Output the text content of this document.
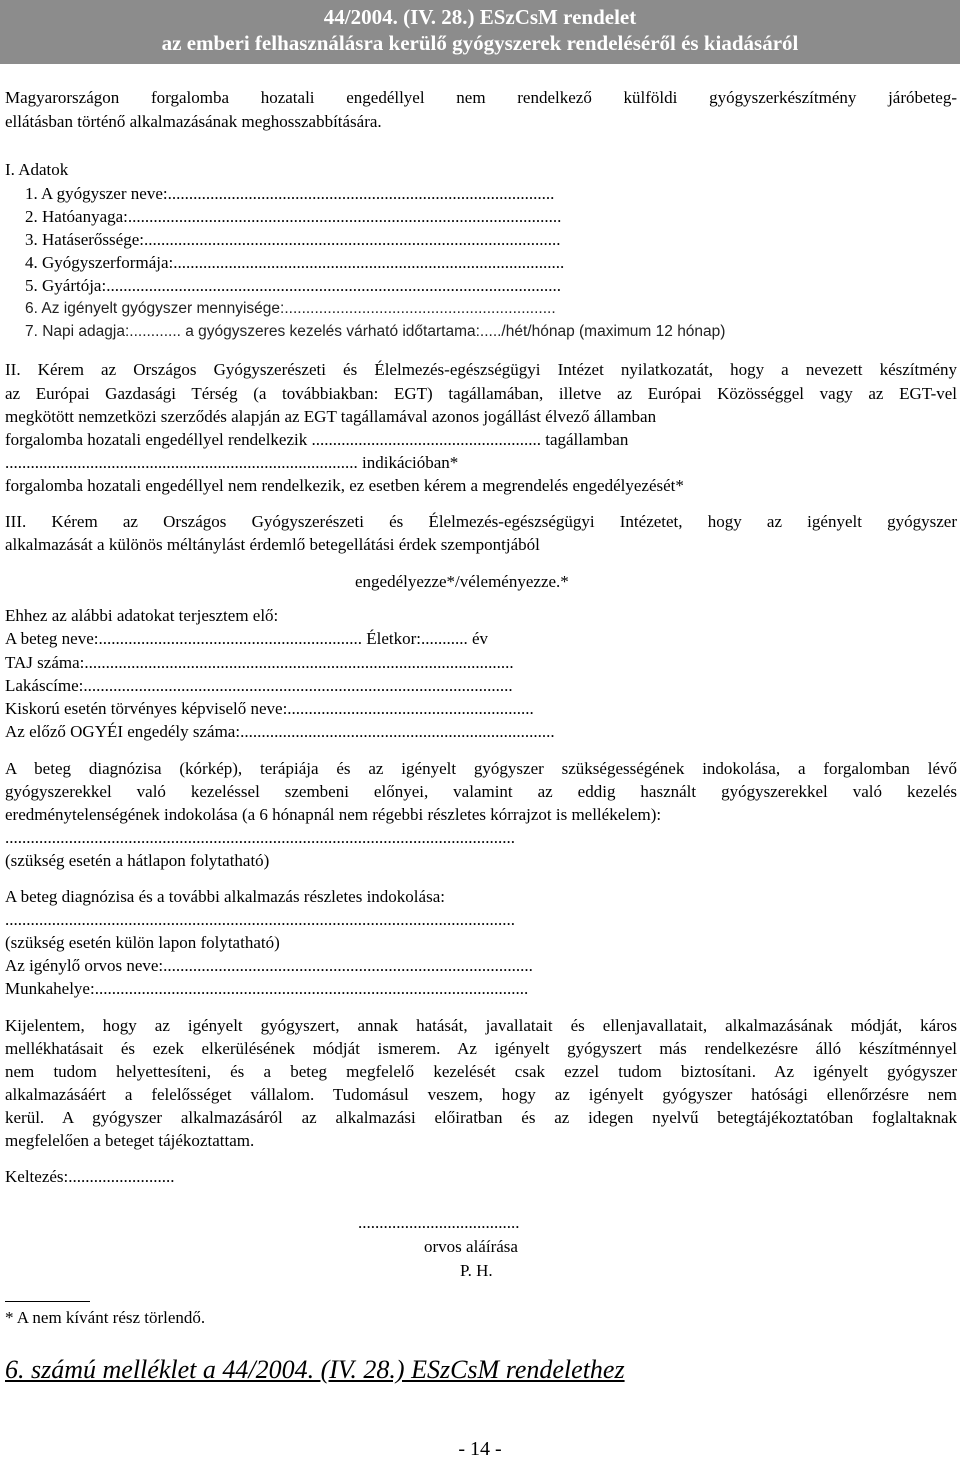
44/2004. (IV. 28.) ESzCsM rendelet
az emberi felhasználásra kerülő gyógyszerek rendeléséről és kiadásáról
Magyarországon forgalomba hozatali engedéllyel nem rendelkező külföldi gyógyszerkészítmény járóbeteg-
ellátásban történő alkalmazásának meghosszabbítására.
I. Adatok
1. A gyógyszer neve:...........................................................................................
2. Hatóanyaga:......................................................................................................
3. Hatáserőssége:..................................................................................................
4. Gyógyszerformája:............................................................................................
5. Gyártója:...........................................................................................................
6. Az igényelt gyógyszer mennyisége:...............................................................
7. Napi adagja:............ a gyógyszeres kezelés várható időtartama:...../hét/hónap (maximum 12 hónap)
II. Kérem az Országos Gyógyszerészeti és Élelmezés-egészségügyi Intézet nyilatkozatát, hogy a nevezett készítmény
az Európai Gazdasági Térség (a továbbiakban: EGT) tagállamában, illetve az Európai Közösséggel vagy az EGT-vel
megkötött nemzetközi szerződés alapján az EGT tagállamával azonos jogállást élvező államban
forgalomba hozatali engedéllyel rendelkezik ...................................................... tagállamban
................................................................................... indikációban*
forgalomba hozatali engedéllyel nem rendelkezik, ez esetben kérem a megrendelés engedélyezését*
III. Kérem az Országos Gyógyszerészeti és Élelmezés-egészségügyi Intézetet, hogy az igényelt gyógyszer
alkalmazását a különös méltánylást érdemlő betegellátási érdek szempontjából
engedélyezze*/véleményezze.*
Ehhez az alábbi adatokat terjesztem elő:
A beteg neve:.............................................................. Életkor:........... év
TAJ száma:.....................................................................................................
Lakáscíme:.....................................................................................................
Kiskorú esetén törvényes képviselő neve:..........................................................
Az előző OGYÉI engedély száma:..........................................................................
A beteg diagnózisa (kórkép), terápiája és az igényelt gyógyszer szükségességének indokolása, a forgalomban lévő
gyógyszerekkel való kezeléssel szembeni előnyei, valamint az eddig használt gyógyszerekkel való kezelés
eredménytelenségének indokolása (a 6 hónapnál nem régebbi részletes kórrajzot is mellékelem):
........................................................................................................................
(szükség esetén a hátlapon folytatható)
A beteg diagnózisa és a további alkalmazás részletes indokolása:
........................................................................................................................
(szükség esetén külön lapon folytatható)
Az igénylő orvos neve:.......................................................................................
Munkahelye:......................................................................................................
Kijelentem, hogy az igényelt gyógyszert, annak hatását, javallatait és ellenjavallatait, alkalmazásának módját, káros
mellékhatásait és ezek elkerülésének módját ismerem. Az igényelt gyógyszert más rendelkezésre álló készítménnyel
nem tudom helyettesíteni, és a beteg megfelelő kezelését csak ezzel tudom biztosítani. Az igényelt gyógyszer
alkalmazásáért a felelősséget vállalom. Tudomásul veszem, hogy az igényelt gyógyszer hatósági ellenőrzésre nem
kerül. A gyógyszer alkalmazásáról az alkalmazási előiratban és az idegen nyelvű betegtájékoztatóban foglaltaknak
megfelelően a beteget tájékoztattam.
Keltezés:.........................
......................................
orvos aláírása
P. H.
* A nem kívánt rész törlendő.
6. számú melléklet a 44/2004. (IV. 28.) ESzCsM rendelethez
- 14 -
